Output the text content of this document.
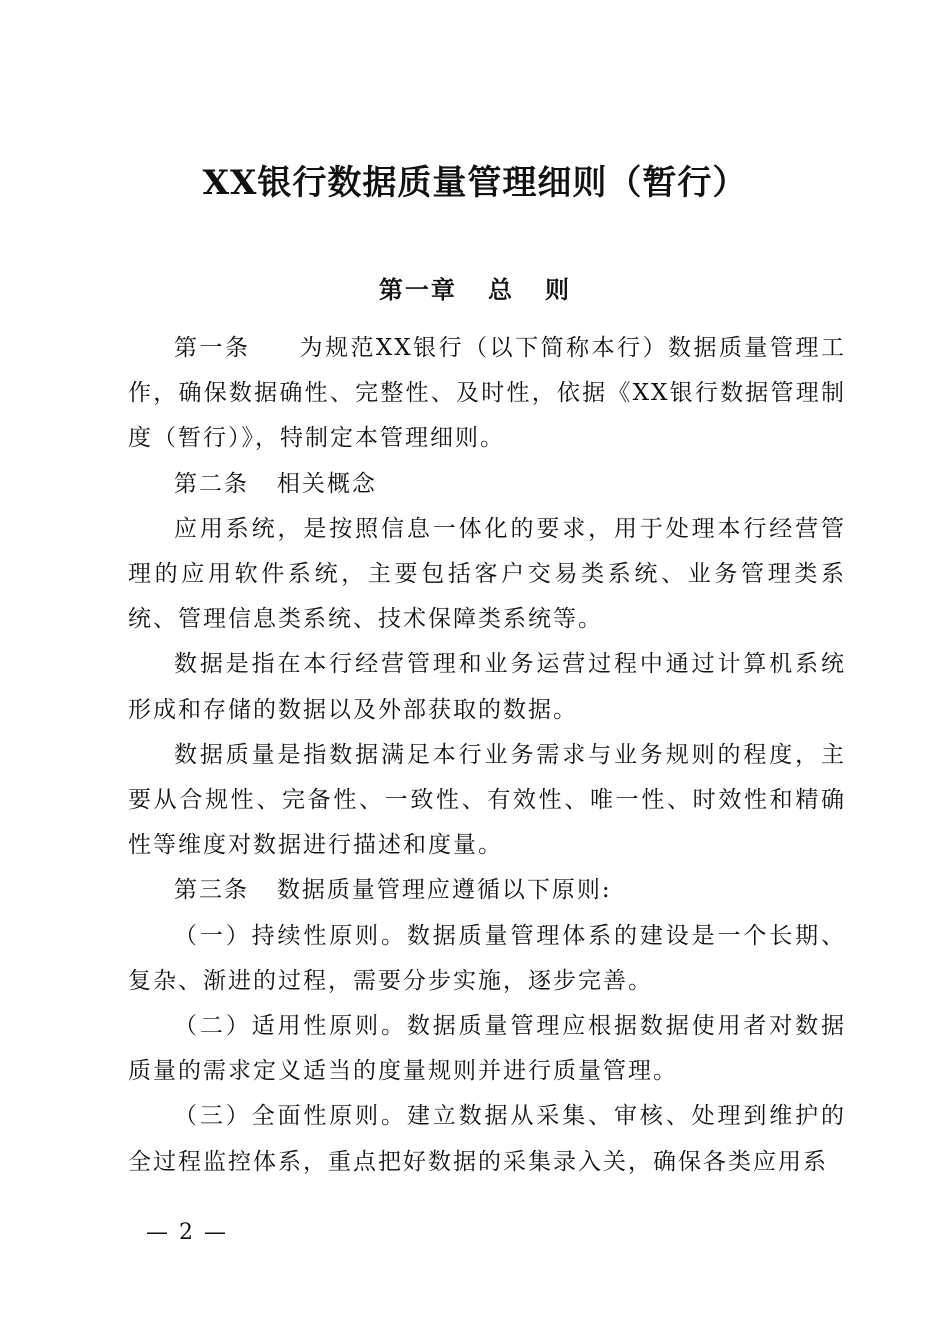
XX银行数据质量管理细则（暂行）
第一章   总   则

第一条     为规范XX银行（以下简称本行）数据质量管理工作，确保数据确性、完整性、及时性，依据《XX银行数据管理制度（暂行）》，特制定本管理细则。

第二条   相关概念

应用系统，是按照信息一体化的要求，用于处理本行经营管理的应用软件系统，主要包括客户交易类系统、业务管理类系统、管理信息类系统、技术保障类系统等。

数据是指在本行经营管理和业务运营过程中通过计算机系统形成和存储的数据以及外部获取的数据。

数据质量是指数据满足本行业务需求与业务规则的程度，主要从合规性、完备性、一致性、有效性、唯一性、时效性和精确性等维度对数据进行描述和度量。

第三条   数据质量管理应遵循以下原则:

（一）持续性原则。数据质量管理体系的建设是一个长期、复杂、渐进的过程，需要分步实施，逐步完善。

（二）适用性原则。数据质量管理应根据数据使用者对数据质量的需求定义适当的度量规则并进行质量管理。

（三）全面性原则。建立数据从采集、审核、处理到维护的全过程监控体系，重点把好数据的采集录入关，确保各类应用系

— 2 —
